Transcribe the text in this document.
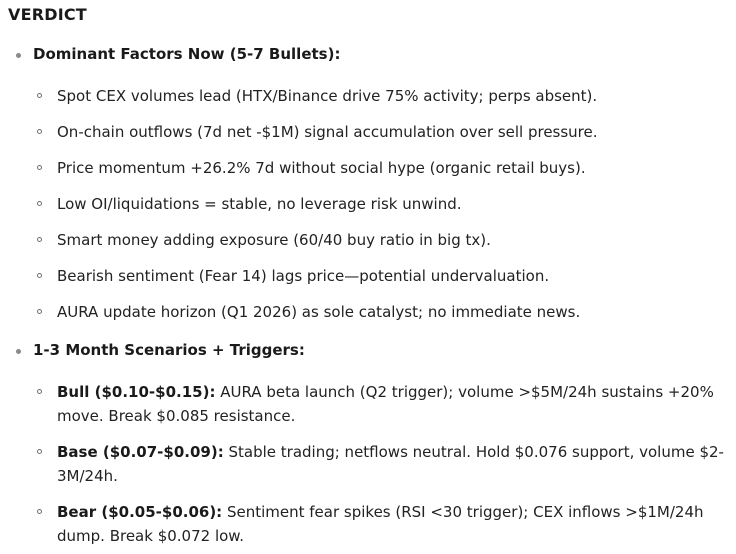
VERDICT
Dominant Factors Now (5-7 Bullets):
Spot CEX volumes lead (HTX/Binance drive 75% activity; perps absent).
On-chain outflows (7d net -$1M) signal accumulation over sell pressure.
Price momentum +26.2% 7d without social hype (organic retail buys).
Low OI/liquidations = stable, no leverage risk unwind.
Smart money adding exposure (60/40 buy ratio in big tx).
Bearish sentiment (Fear 14) lags price—potential undervaluation.
AURA update horizon (Q1 2026) as sole catalyst; no immediate news.
1-3 Month Scenarios + Triggers:
Bull ($0.10-$0.15): AURA beta launch (Q2 trigger); volume >$5M/24h sustains +20%
move. Break $0.085 resistance.
Base ($0.07-$0.09): Stable trading; netflows neutral. Hold $0.076 support, volume $2-
3M/24h.
Bear ($0.05-$0.06): Sentiment fear spikes (RSI <30 trigger); CEX inflows >$1M/24h
dump. Break $0.072 low.
